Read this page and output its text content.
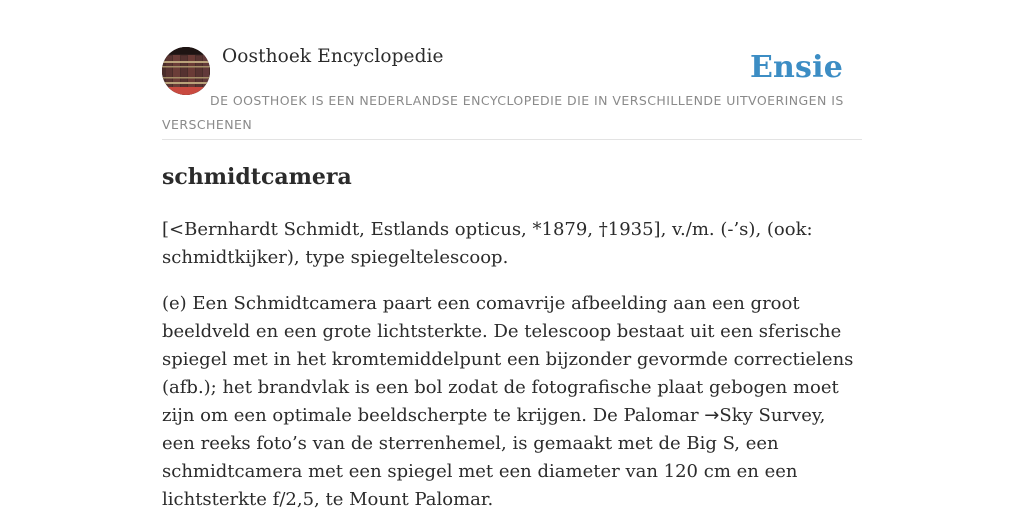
Oosthoek Encyclopedie	Ensie
DE OOSTHOEK IS EEN NEDERLANDSE ENCYCLOPEDIE DIE IN VERSCHILLENDE UITVOERINGEN IS VERSCHENEN
schmidtcamera

[<Bernhardt Schmidt, Estlands opticus, *1879, †1935], v./m. (-’s), (ook: schmidtkijker), type spiegeltelescoop.

(e) Een Schmidtcamera paart een comavrije afbeelding aan een groot beeldveld en een grote lichtsterkte. De telescoop bestaat uit een sferische spiegel met in het kromtemiddelpunt een bijzonder gevormde correctielens (afb.); het brandvlak is een bol zodat de fotografische plaat gebogen moet zijn om een optimale beeldscherpte te krijgen. De Palomar →Sky Survey, een reeks foto’s van de sterrenhemel, is gemaakt met de Big S, een schmidtcamera met een spiegel met een diameter van 120 cm en een lichtsterkte f/2,5, te Mount Palomar.
